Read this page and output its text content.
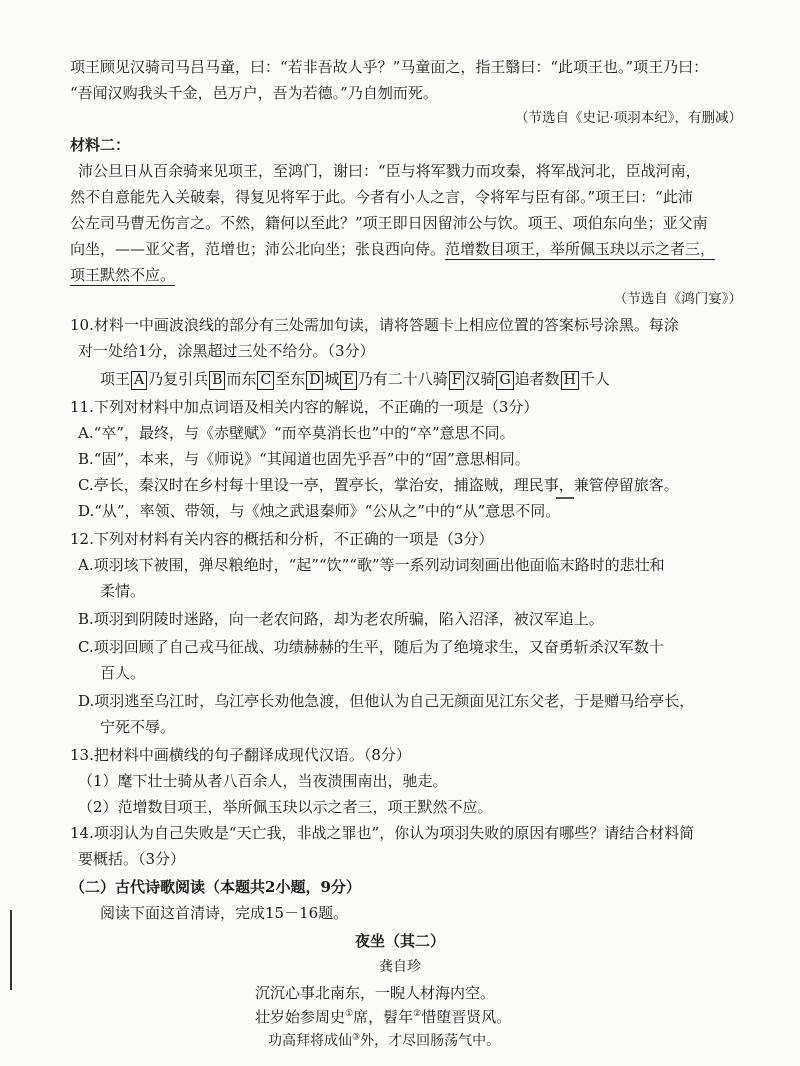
项王顾见汉骑司马吕马童，曰：“若非吾故人乎？”马童面之，指王翳曰：“此项王也。”项王乃曰：
“吾闻汉购我头千金，邑万户，吾为若德。”乃自刎而死。
（节选自《史记·项羽本纪》，有删减）
材料二：
沛公旦日从百余骑来见项王，至鸿门，谢曰：“臣与将军戮力而攻秦，将军战河北，臣战河南，
然不自意能先入关破秦，得复见将军于此。今者有小人之言，令将军与臣有郤。”项王曰：“此沛
公左司马曹无伤言之。不然，籍何以至此？”项王即日因留沛公与饮。项王、项伯东向坐；亚父南
向坐，——亚父者，范增也；沛公北向坐；张良西向侍。范增数目项王，举所佩玉玦以示之者三，
项王默然不应。
（节选自《鸿门宴》）
10.材料一中画波浪线的部分有三处需加句读，请将答题卡上相应位置的答案标号涂黑。每涂
对一处给1分，涂黑超过三处不给分。（3分）
项王 A 乃复引兵 B 而东 C 至东 D 城 E 乃有二十八骑 F 汉骑 G 追者数 H 千人
11.下列对材料中加点词语及相关内容的解说，不正确的一项是（3分）
A.“卒”，最终，与《赤壁赋》“而卒莫消长也”中的“卒”意思不同。
B.“固”，本来，与《师说》“其闻道也固先乎吾”中的“固”意思相同。
C.亭长，秦汉时在乡村每十里设一亭，置亭长，掌治安，捕盗贼，理民事，兼管停留旅客。
D.“从”，率领、带领，与《烛之武退秦师》“公从之”中的“从”意思不同。
12.下列对材料有关内容的概括和分析，不正确的一项是（3分）
A.项羽垓下被围，弹尽粮绝时，“起”“饮”“歌”等一系列动词刻画出他面临末路时的悲壮和
柔情。
B.项羽到阴陵时迷路，向一老农问路，却为老农所骗，陷入沼泽，被汉军追上。
C.项羽回顾了自己戎马征战、功绩赫赫的生平，随后为了绝境求生，又奋勇斩杀汉军数十
百人。
D.项羽逃至乌江时，乌江亭长劝他急渡，但他认为自己无颜面见江东父老，于是赠马给亭长，
宁死不辱。
13.把材料中画横线的句子翻译成现代汉语。（8分）
（1）麾下壮士骑从者八百余人，当夜溃围南出，驰走。
（2）范增数目项王，举所佩玉玦以示之者三，项王默然不应。
14.项羽认为自己失败是“天亡我，非战之罪也”，你认为项羽失败的原因有哪些？请结合材料简
要概括。（3分）
（二）古代诗歌阅读（本题共2小题，9分）
阅读下面这首清诗，完成15－16题。
夜坐（其二）
龚自珍
沉沉心事北南东，一睨人材海内空。
壮岁始参周史①席，髫年②惜堕晋贤风。
功高拜将成仙③外，才尽回肠荡气中。
